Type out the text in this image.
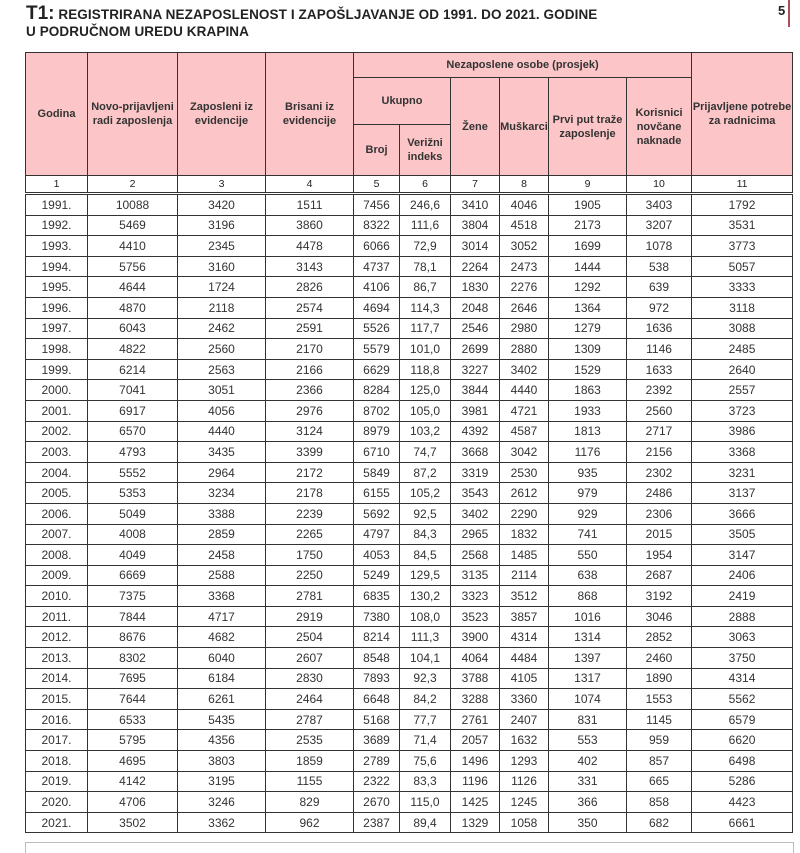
T1: REGISTRIRANA NEZAPOSLENOST I ZAPOŠLJAVANJE OD 1991. DO 2021. GODINE
U PODRUČNOM UREDU KRAPINA
5
Godina	Novo-prijavljeni radi zaposlenja	Zaposleni iz evidencije	Brisani iz evidencije	Nezaposlene osobe (prosjek)						Prijavljene potrebe za radnicima
				Ukupno		Žene	Muškarci	Prvi put traže zaposlenje	Korisnici novčane naknade	
				Broj	Verižni indeks					
1	2	3	4	5	6	7	8	9	10	11
1991.	10088	3420	1511	7456	246,6	3410	4046	1905	3403	1792
1992.	5469	3196	3860	8322	111,6	3804	4518	2173	3207	3531
1993.	4410	2345	4478	6066	72,9	3014	3052	1699	1078	3773
1994.	5756	3160	3143	4737	78,1	2264	2473	1444	538	5057
1995.	4644	1724	2826	4106	86,7	1830	2276	1292	639	3333
1996.	4870	2118	2574	4694	114,3	2048	2646	1364	972	3118
1997.	6043	2462	2591	5526	117,7	2546	2980	1279	1636	3088
1998.	4822	2560	2170	5579	101,0	2699	2880	1309	1146	2485
1999.	6214	2563	2166	6629	118,8	3227	3402	1529	1633	2640
2000.	7041	3051	2366	8284	125,0	3844	4440	1863	2392	2557
2001.	6917	4056	2976	8702	105,0	3981	4721	1933	2560	3723
2002.	6570	4440	3124	8979	103,2	4392	4587	1813	2717	3986
2003.	4793	3435	3399	6710	74,7	3668	3042	1176	2156	3368
2004.	5552	2964	2172	5849	87,2	3319	2530	935	2302	3231
2005.	5353	3234	2178	6155	105,2	3543	2612	979	2486	3137
2006.	5049	3388	2239	5692	92,5	3402	2290	929	2306	3666
2007.	4008	2859	2265	4797	84,3	2965	1832	741	2015	3505
2008.	4049	2458	1750	4053	84,5	2568	1485	550	1954	3147
2009.	6669	2588	2250	5249	129,5	3135	2114	638	2687	2406
2010.	7375	3368	2781	6835	130,2	3323	3512	868	3192	2419
2011.	7844	4717	2919	7380	108,0	3523	3857	1016	3046	2888
2012.	8676	4682	2504	8214	111,3	3900	4314	1314	2852	3063
2013.	8302	6040	2607	8548	104,1	4064	4484	1397	2460	3750
2014.	7695	6184	2830	7893	92,3	3788	4105	1317	1890	4314
2015.	7644	6261	2464	6648	84,2	3288	3360	1074	1553	5562
2016.	6533	5435	2787	5168	77,7	2761	2407	831	1145	6579
2017.	5795	4356	2535	3689	71,4	2057	1632	553	959	6620
2018.	4695	3803	1859	2789	75,6	1496	1293	402	857	6498
2019.	4142	3195	1155	2322	83,3	1196	1126	331	665	5286
2020.	4706	3246	829	2670	115,0	1425	1245	366	858	4423
2021.	3502	3362	962	2387	89,4	1329	1058	350	682	6661
